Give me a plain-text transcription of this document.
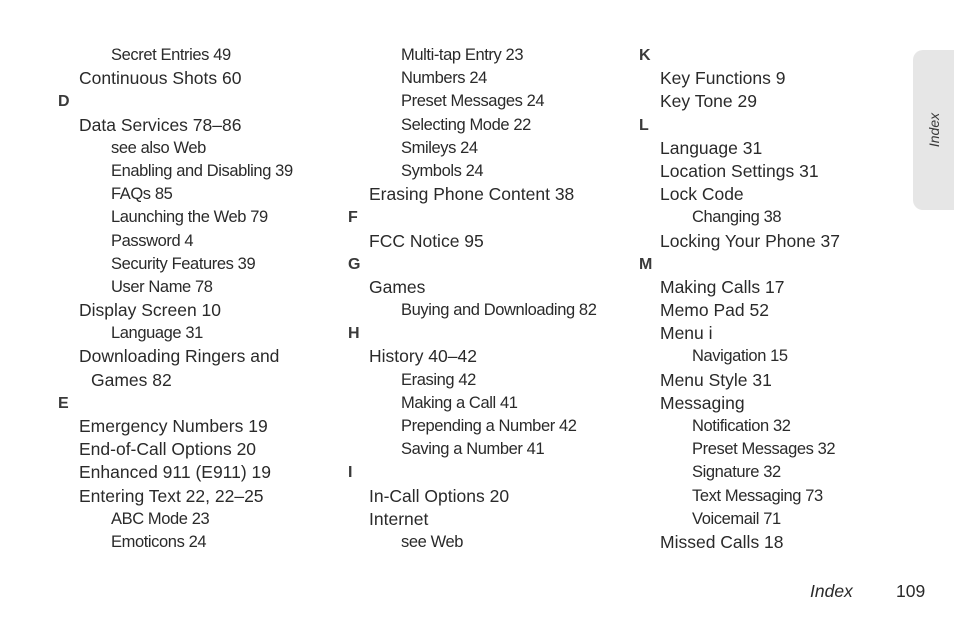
Secret Entries 49
Continuous Shots 60
D
Data Services 78–86
see also Web
Enabling and Disabling 39
FAQs 85
Launching the Web 79
Password 4
Security Features 39
User Name 78
Display Screen 10
Language 31
Downloading Ringers and
Games 82
E
Emergency Numbers 19
End-of-Call Options 20
Enhanced 911 (E911) 19
Entering Text 22, 22–25
ABC Mode 23
Emoticons 24
Multi-tap Entry 23
Numbers 24
Preset Messages 24
Selecting Mode 22
Smileys 24
Symbols 24
Erasing Phone Content 38
F
FCC Notice 95
G
Games
Buying and Downloading 82
H
History 40–42
Erasing 42
Making a Call 41
Prepending a Number 42
Saving a Number 41
I
In-Call Options 20
Internet
see Web
K
Key Functions 9
Key Tone 29
L
Language 31
Location Settings 31
Lock Code
Changing 38
Locking Your Phone 37
M
Making Calls 17
Memo Pad 52
Menu i
Navigation 15
Menu Style 31
Messaging
Notification 32
Preset Messages 32
Signature 32
Text Messaging 73
Voicemail 71
Missed Calls 18
Index
Index 109
